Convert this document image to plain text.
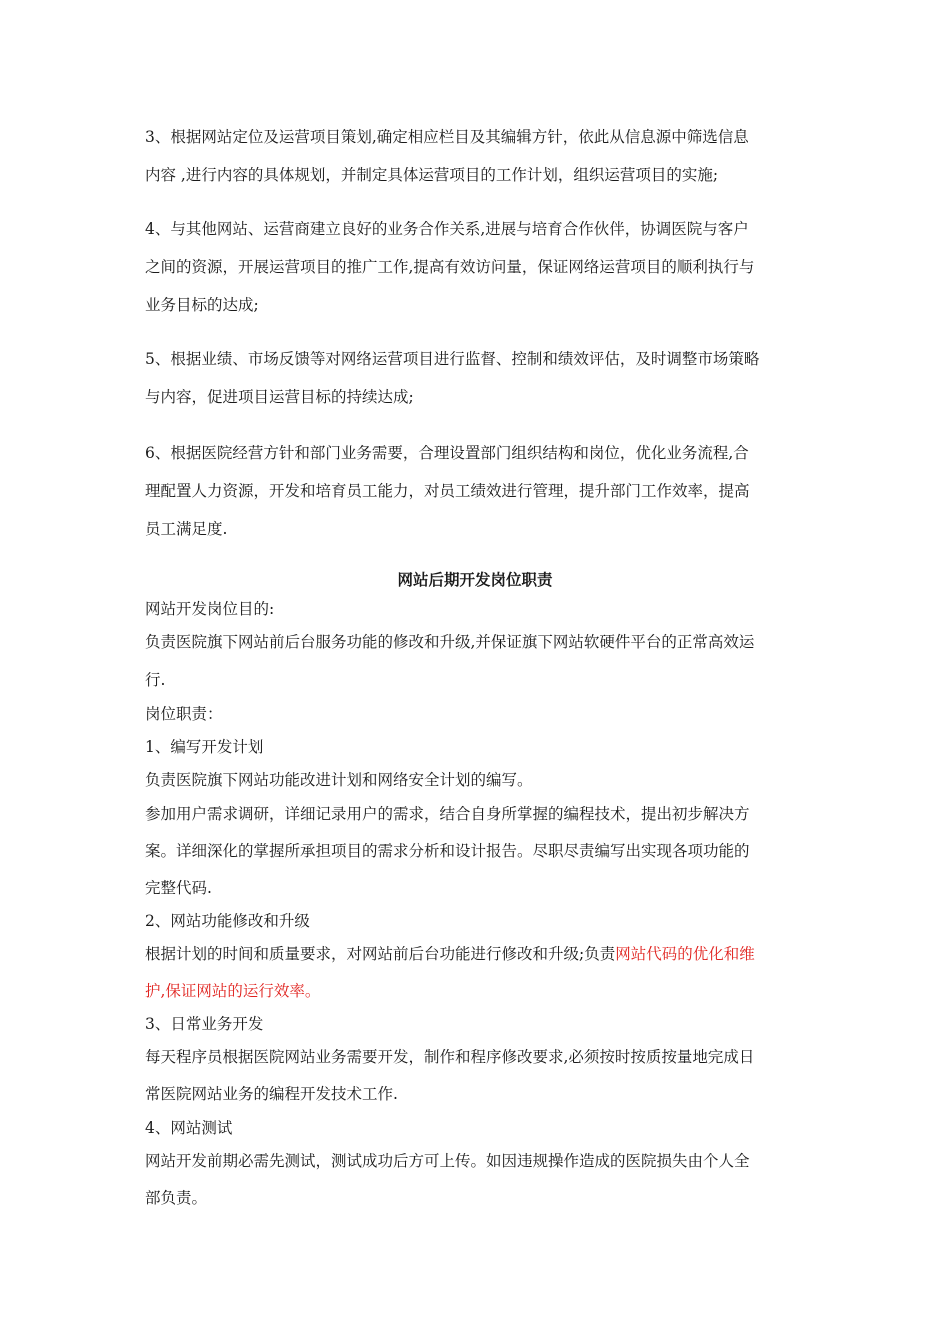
3、根据网站定位及运营项目策划,确定相应栏目及其编辑方针，依此从信息源中筛选信息
内容 ,进行内容的具体规划，并制定具体运营项目的工作计划，组织运营项目的实施;
4、与其他网站、运营商建立良好的业务合作关系,进展与培育合作伙伴，协调医院与客户
之间的资源，开展运营项目的推广工作,提高有效访问量，保证网络运营项目的顺利执行与
业务目标的达成;
5、根据业绩、市场反馈等对网络运营项目进行监督、控制和绩效评估，及时调整市场策略
与内容，促进项目运营目标的持续达成;
6、根据医院经营方针和部门业务需要，合理设置部门组织结构和岗位，优化业务流程,合
理配置人力资源，开发和培育员工能力，对员工绩效进行管理，提升部门工作效率，提高
员工满足度.
网站后期开发岗位职责
网站开发岗位目的:
负责医院旗下网站前后台服务功能的修改和升级,并保证旗下网站软硬件平台的正常高效运
行.
岗位职责：
1、编写开发计划
负责医院旗下网站功能改进计划和网络安全计划的编写。
参加用户需求调研，详细记录用户的需求，结合自身所掌握的编程技术，提出初步解决方
案。详细深化的掌握所承担项目的需求分析和设计报告。尽职尽责编写出实现各项功能的
完整代码.
2、网站功能修改和升级
根据计划的时间和质量要求，对网站前后台功能进行修改和升级;负责网站代码的优化和维
护,保证网站的运行效率。
3、日常业务开发
每天程序员根据医院网站业务需要开发，制作和程序修改要求,必须按时按质按量地完成日
常医院网站业务的编程开发技术工作.
4、网站测试
网站开发前期必需先测试，测试成功后方可上传。如因违规操作造成的医院损失由个人全
部负责。
